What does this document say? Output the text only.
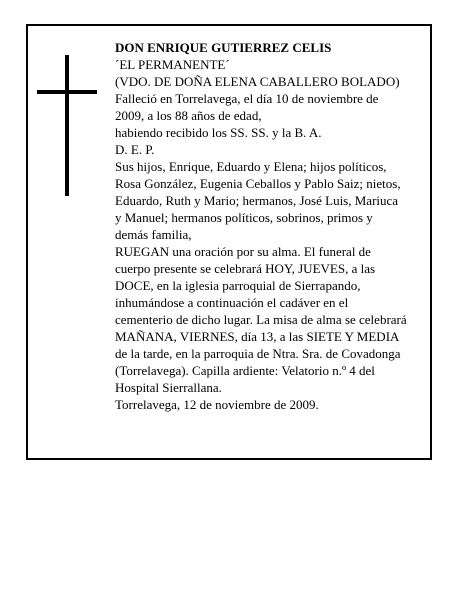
DON ENRIQUE GUTIERREZ CELIS
´EL PERMANENTE´
(VDO. DE DOÑA ELENA CABALLERO BOLADO)
Falleció en Torrelavega, el día 10 de noviembre de
2009, a los 88 años de edad,
habiendo recibido los SS. SS. y la B. A.
D. E. P.
Sus hijos, Enrique, Eduardo y Elena; hijos políticos,
Rosa González, Eugenia Ceballos y Pablo Saiz; nietos,
Eduardo, Ruth y Mario; hermanos, José Luis, Mariuca
y Manuel; hermanos políticos, sobrinos, primos y
demás familia,
RUEGAN una oración por su alma. El funeral de
cuerpo presente se celebrará HOY, JUEVES, a las
DOCE, en la iglesia parroquial de Sierrapando,
inhumándose a continuación el cadáver en el
cementerio de dicho lugar. La misa de alma se celebrará
MAÑANA, VIERNES, día 13, a las SIETE Y MEDIA
de la tarde, en la parroquia de Ntra. Sra. de Covadonga
(Torrelavega). Capilla ardiente: Velatorio n.º 4 del
Hospital Sierrallana.
Torrelavega, 12 de noviembre de 2009.
